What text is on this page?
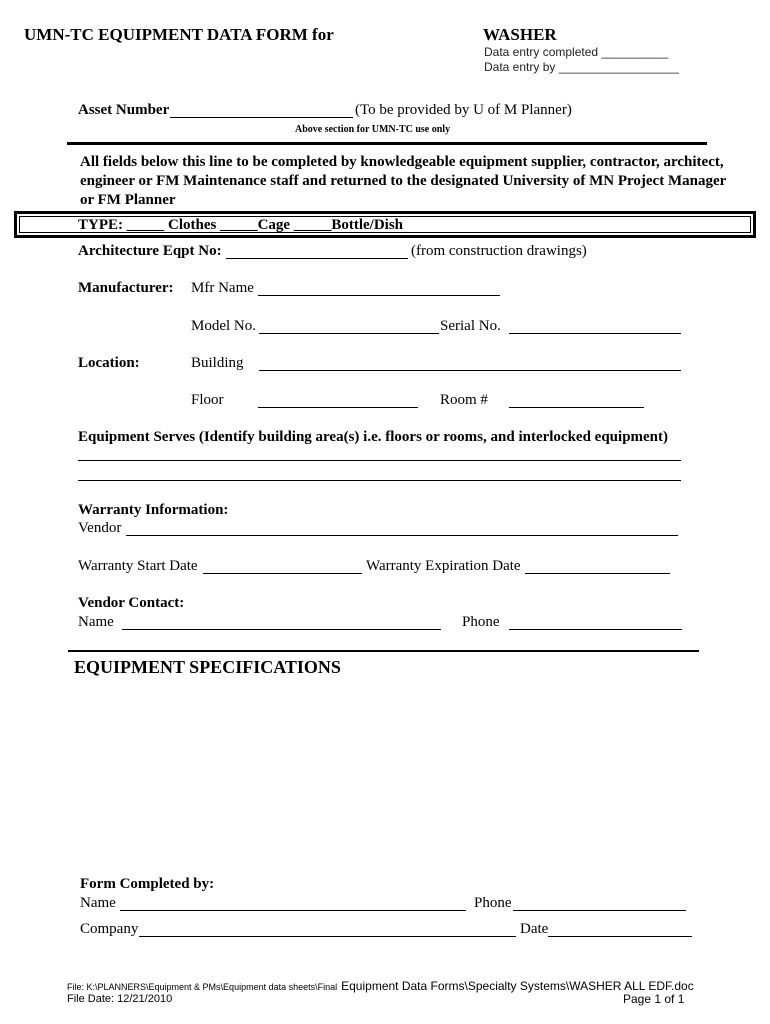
UMN-TC EQUIPMENT DATA FORM for	WASHER
Data entry completed __________
Data entry by __________________
Asset Number	(To be provided by U of M Planner)
Above section for UMN-TC use only
All fields below this line to be completed by knowledgeable equipment supplier, contractor, architect,
engineer or FM Maintenance staff and returned to the designated University of MN Project Manager
or FM Planner
TYPE: _____ Clothes _____Cage _____Bottle/Dish
Architecture Eqpt No:	(from construction drawings)
Manufacturer: Mfr Name
Model No.	Serial No.
Location:	Building
Floor	Room #
Equipment Serves (Identify building area(s) i.e. floors or rooms, and interlocked equipment)
Warranty Information:
Vendor
Warranty Start Date	Warranty Expiration Date
Vendor Contact:
Name	Phone
EQUIPMENT SPECIFICATIONS
Form Completed by:
Name	Phone
Company	Date
File: K:\PLANNERS\Equipment & PMs\Equipment data sheets\Final Equipment Data Forms\Specialty Systems\WASHER ALL EDF.doc
File Date: 12/21/2010	Page 1 of 1
